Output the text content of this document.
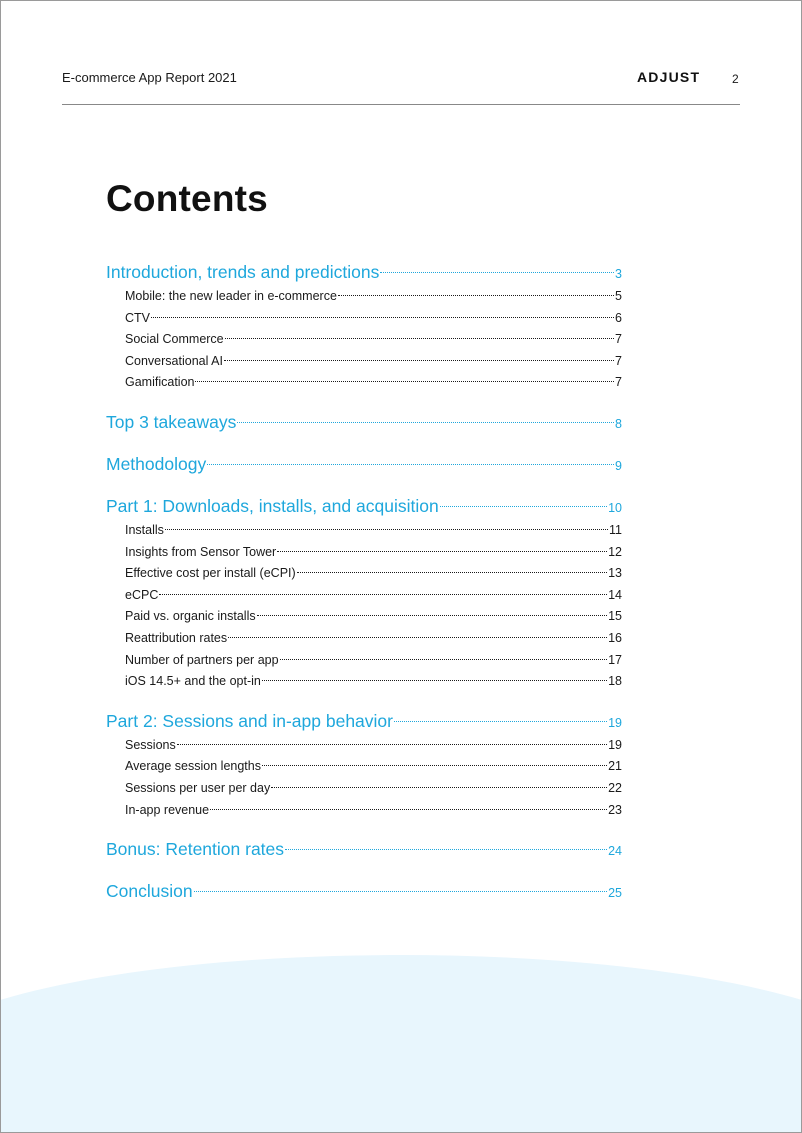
E-commerce App Report 2021	ADJUST	2
Contents
Introduction, trends and predictions	3
Mobile: the new leader in e-commerce	5
CTV	6
Social Commerce	7
Conversational AI	7
Gamification	7
Top 3 takeaways	8
Methodology	9
Part 1: Downloads, installs, and acquisition	10
Installs	11
Insights from Sensor Tower	12
Effective cost per install (eCPI)	13
eCPC	14
Paid vs. organic installs	15
Reattribution rates	16
Number of partners per app	17
iOS 14.5+ and the opt-in	18
Part 2: Sessions and in-app behavior	19
Sessions	19
Average session lengths	21
Sessions per user per day	22
In-app revenue	23
Bonus: Retention rates	24
Conclusion	25
